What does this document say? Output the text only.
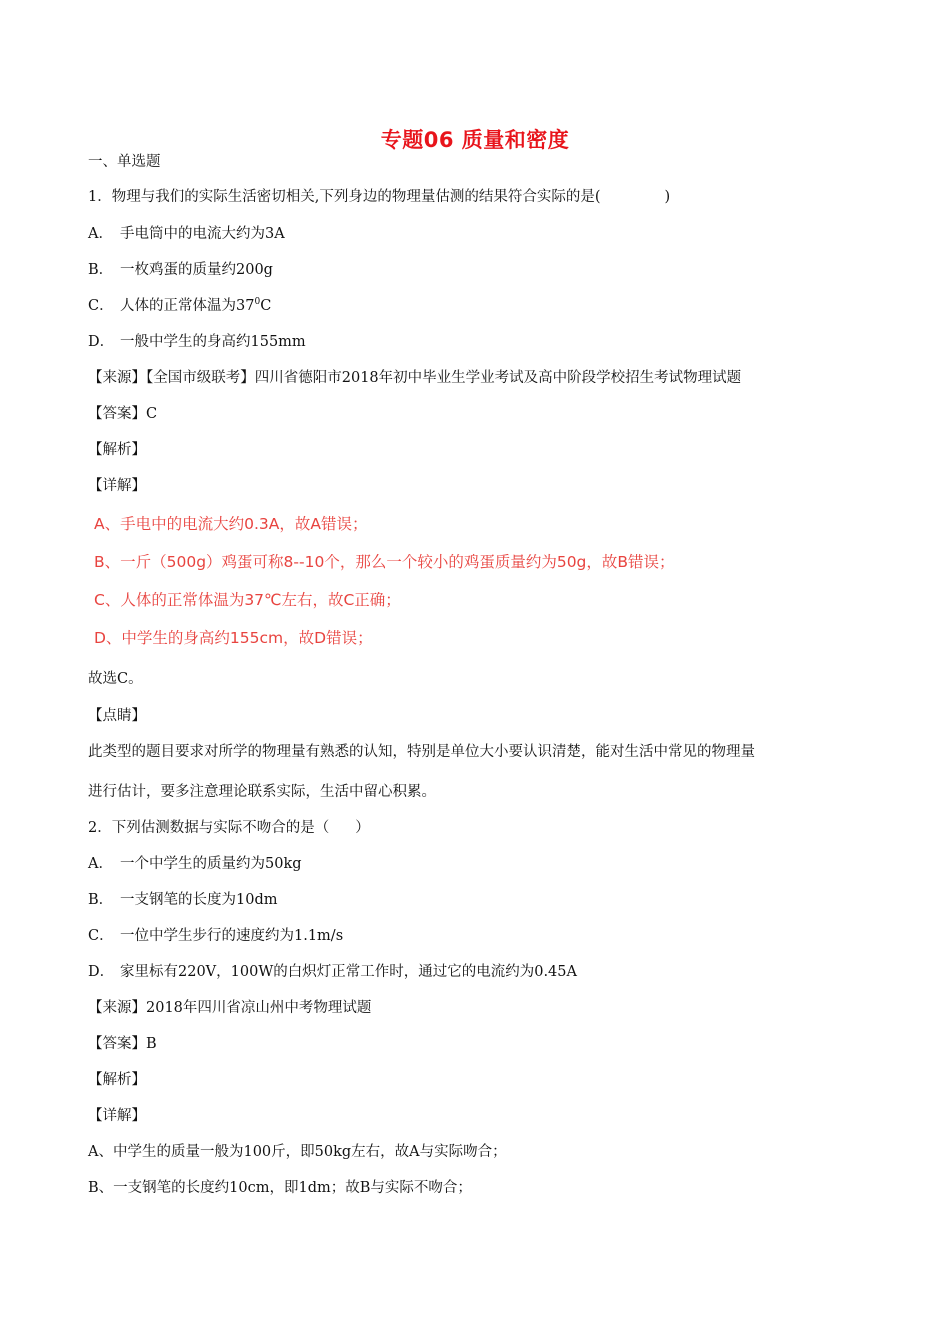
专题06 质量和密度
一、单选题
1．物理与我们的实际生活密切相关,下列身边的物理量估测的结果符合实际的是(	)
A． 手电筒中的电流大约为3A
B． 一枚鸡蛋的质量约200g
C． 人体的正常体温为$37^0C$
D． 一般中学生的身高约155mm
【来源】【全国市级联考】四川省德阳市2018年初中毕业生学业考试及高中阶段学校招生考试物理试题
【答案】C
【解析】
【详解】
A、手电中的电流大约0.3A，故A错误；
B、一斤（500g）鸡蛋可称8--10个，那么一个较小的鸡蛋质量约为50g，故B错误；
C、人体的正常体温为37℃左右，故C正确；
D、中学生的身高约155cm，故D错误；
故选C。
【点睛】
此类型的题目要求对所学的物理量有熟悉的认知，特别是单位大小要认识清楚，能对生活中常见的物理量
进行估计，要多注意理论联系实际，生活中留心积累。
2．下列估测数据与实际不吻合的是（ ）
A． 一个中学生的质量约为50kg
B． 一支钢笔的长度为10dm
C． 一位中学生步行的速度约为1.1m/s
D． 家里标有220V，100W的白炽灯正常工作时，通过它的电流约为0.45A
【来源】2018年四川省凉山州中考物理试题
【答案】B
【解析】
【详解】
A、中学生的质量一般为100斤，即50kg左右，故A与实际吻合；
B、一支钢笔的长度约10cm，即1dm；故B与实际不吻合；
